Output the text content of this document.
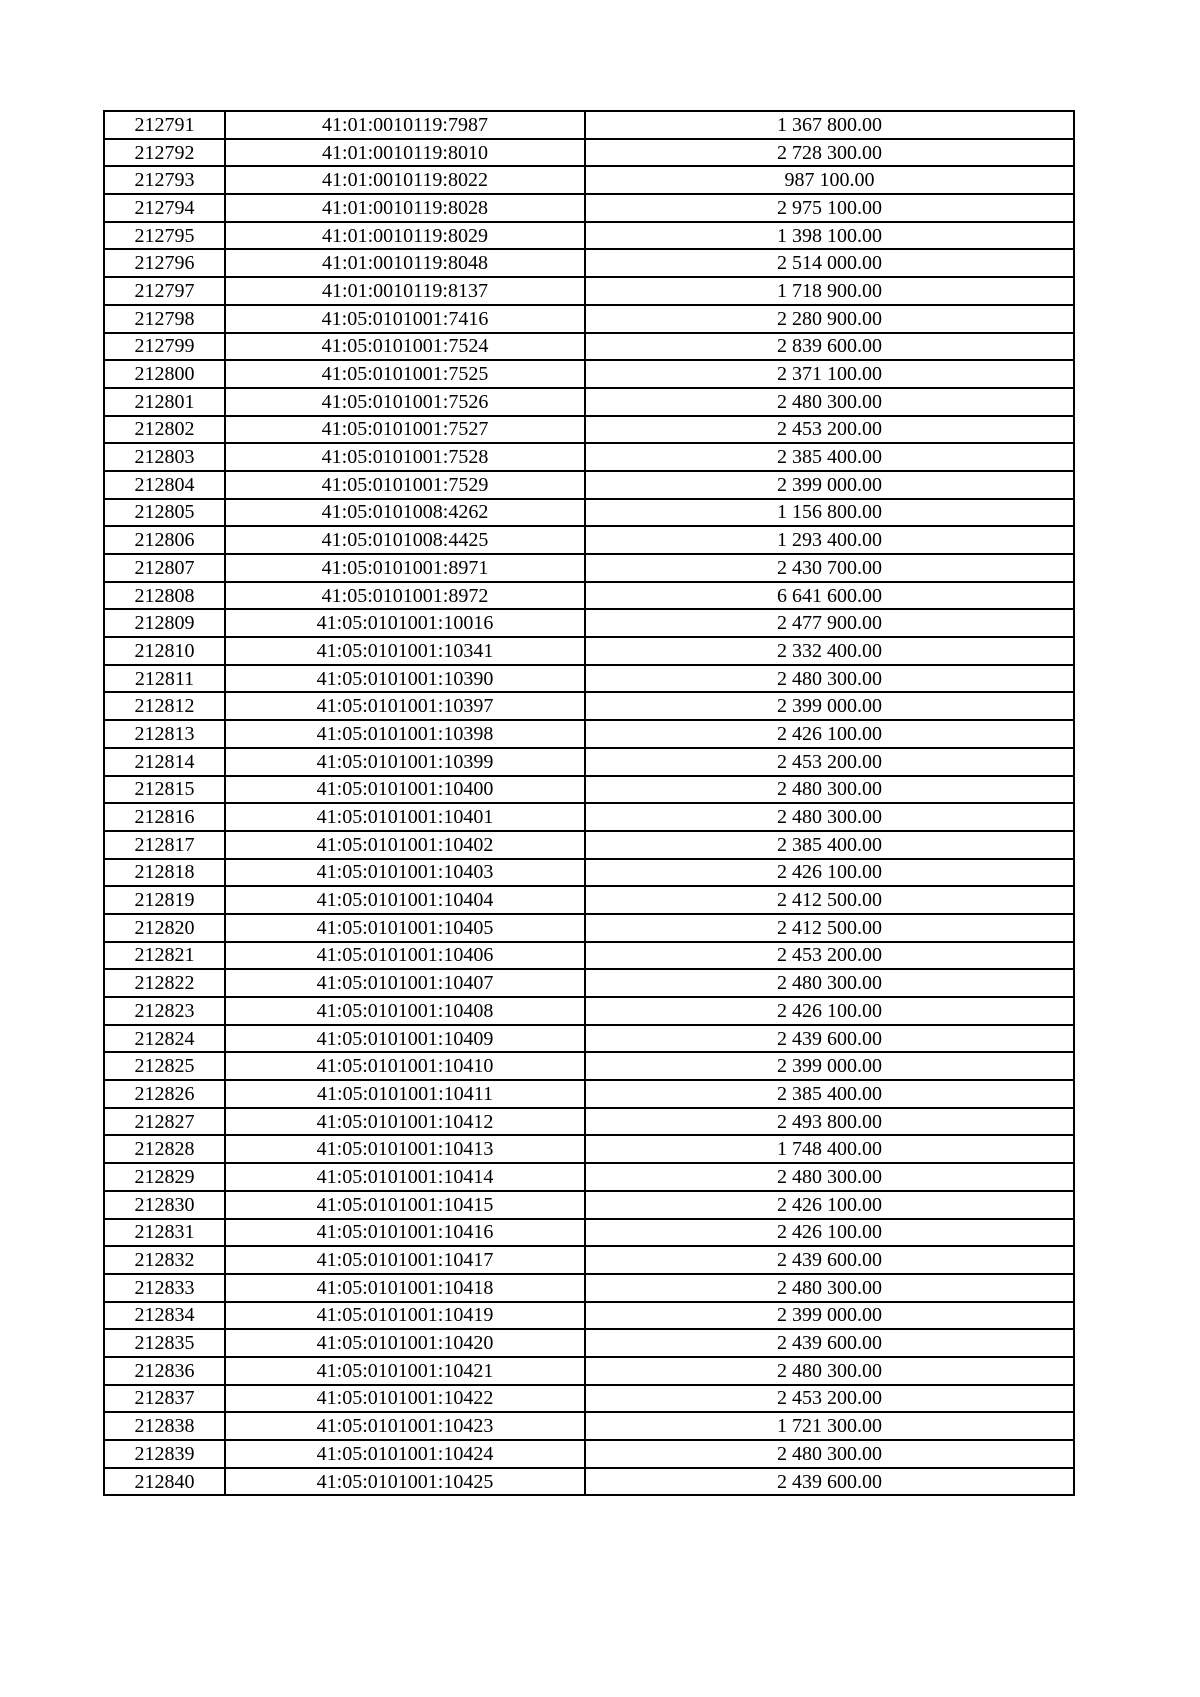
212791	41:01:0010119:7987	1 367 800.00
212792	41:01:0010119:8010	2 728 300.00
212793	41:01:0010119:8022	987 100.00
212794	41:01:0010119:8028	2 975 100.00
212795	41:01:0010119:8029	1 398 100.00
212796	41:01:0010119:8048	2 514 000.00
212797	41:01:0010119:8137	1 718 900.00
212798	41:05:0101001:7416	2 280 900.00
212799	41:05:0101001:7524	2 839 600.00
212800	41:05:0101001:7525	2 371 100.00
212801	41:05:0101001:7526	2 480 300.00
212802	41:05:0101001:7527	2 453 200.00
212803	41:05:0101001:7528	2 385 400.00
212804	41:05:0101001:7529	2 399 000.00
212805	41:05:0101008:4262	1 156 800.00
212806	41:05:0101008:4425	1 293 400.00
212807	41:05:0101001:8971	2 430 700.00
212808	41:05:0101001:8972	6 641 600.00
212809	41:05:0101001:10016	2 477 900.00
212810	41:05:0101001:10341	2 332 400.00
212811	41:05:0101001:10390	2 480 300.00
212812	41:05:0101001:10397	2 399 000.00
212813	41:05:0101001:10398	2 426 100.00
212814	41:05:0101001:10399	2 453 200.00
212815	41:05:0101001:10400	2 480 300.00
212816	41:05:0101001:10401	2 480 300.00
212817	41:05:0101001:10402	2 385 400.00
212818	41:05:0101001:10403	2 426 100.00
212819	41:05:0101001:10404	2 412 500.00
212820	41:05:0101001:10405	2 412 500.00
212821	41:05:0101001:10406	2 453 200.00
212822	41:05:0101001:10407	2 480 300.00
212823	41:05:0101001:10408	2 426 100.00
212824	41:05:0101001:10409	2 439 600.00
212825	41:05:0101001:10410	2 399 000.00
212826	41:05:0101001:10411	2 385 400.00
212827	41:05:0101001:10412	2 493 800.00
212828	41:05:0101001:10413	1 748 400.00
212829	41:05:0101001:10414	2 480 300.00
212830	41:05:0101001:10415	2 426 100.00
212831	41:05:0101001:10416	2 426 100.00
212832	41:05:0101001:10417	2 439 600.00
212833	41:05:0101001:10418	2 480 300.00
212834	41:05:0101001:10419	2 399 000.00
212835	41:05:0101001:10420	2 439 600.00
212836	41:05:0101001:10421	2 480 300.00
212837	41:05:0101001:10422	2 453 200.00
212838	41:05:0101001:10423	1 721 300.00
212839	41:05:0101001:10424	2 480 300.00
212840	41:05:0101001:10425	2 439 600.00
